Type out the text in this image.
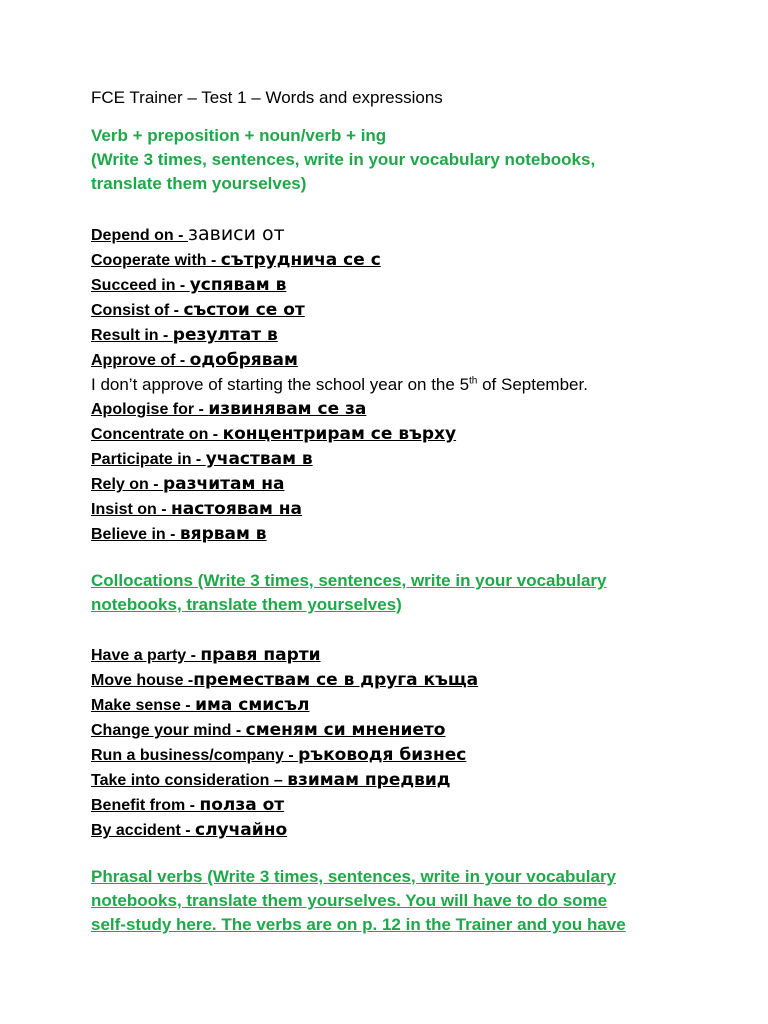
FCE Trainer – Test 1 – Words and expressions
Verb + preposition + noun/verb + ing
(Write 3 times, sentences, write in your vocabulary notebooks,
translate them yourselves)
Depend on - зависи от
Cooperate with - сътруднича се с
Succeed in - успявам в
Consist of - състои се от
Result in - резултат в
Approve of - одобрявам
I don’t approve of starting the school year on the 5th of September.
Apologise for - извинявам се за
Concentrate on - концентрирам се върху
Participate in - участвам в
Rely on - разчитам на
Insist on - настоявам на
Believe in - вярвам в
Collocations (Write 3 times, sentences, write in your vocabulary
notebooks, translate them yourselves)
Have a party - правя парти
Move house -премествам се в друга къща
Make sense - има смисъл
Change your mind - сменям си мнението
Run a business/company - ръководя бизнес
Take into consideration – взимам предвид
Benefit from - полза от
By accident - случайно
Phrasal verbs (Write 3 times, sentences, write in your vocabulary
notebooks, translate them yourselves. You will have to do some
self-study here. The verbs are on p. 12 in the Trainer and you have
